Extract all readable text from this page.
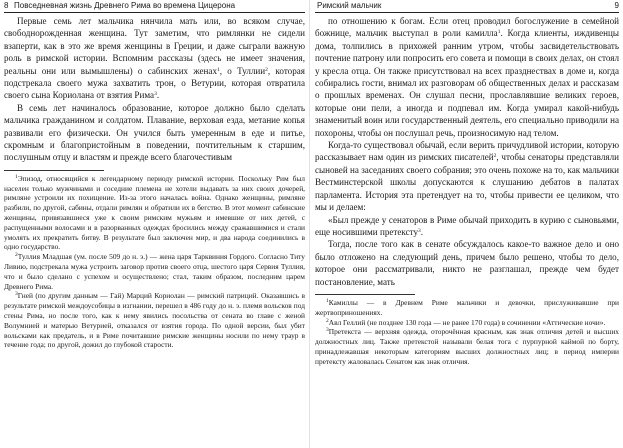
8 Повседневная жизнь Древнего Рима во времена Цицерона

Первые семь лет мальчика нянчила мать или, во всяком случае, свободнорожденная женщина. Тут заметим, что римлянки не сидели взаперти, как в это же время женщины в Греции, и даже сыграли важную роль в римской истории. Вспомним рассказы (здесь не имеет значения, реальны они или вымышлены) о сабинских женах$^1$, о Туллии$^2$, которая подстрекала своего мужа захватить трон, о Ветурии, которая отвратила своего сына Кориолана от взятия Рима$^3$.

В семь лет начиналось образование, которое должно было сделать мальчика гражданином и солдатом. Плавание, верховая езда, метание копья развивали его физически. Он учился быть умеренным в еде и питье, скромным и благопристойным в поведении, почтительным к старшим, послушным отцу и властям и прежде всего благочестивым

$^1$Эпизод, относящийся к легендарному периоду римской истории. Поскольку Рим был населен только мужчинами и соседние племена не хотели выдавать за них своих дочерей, римляне устроили их похищение. Из-за этого началась война. Однако женщины, римляне разбили, по другой, сабины, отдали римлян и обратили их в бегство. В этот момент сабинские женщины, привязавшиеся уже к своим римским мужьям и имевшие от них детей, с распущенными волосами и в разорванных одеждах бросились между сражавшимися и стали умолять их прекратить битву. В результате был заключен мир, и два народа соединились в одно государство.

$^2$Туллия Младшая (ум. после 509 до н. э.) — жена царя Тарквиния Гордого. Согласно Титу Ливию, подстрекала мужа устроить заговор против своего отца, шестого царя Сервия Туллия, что и было сделано с успехом и осуществлено; стал, таким образом, последним царем Древнего Рима.

$^3$Гней (по другим данным — Гай) Марций Кориолан — римский патриций. Оказавшись в результате римской междоусобицы в изгнании, перешел в 486 году до н. э. племя вольсков под стены Рима, но после того, как к нему явились посольства от сената во главе с женой Волумнией и матерью Ветурией, отказался от взятия города. По одной версии, был убит вольсками как предатель, и в Риме почитавшие римские женщины носили по нему траур в течение года; по другой, дожил до глубокой старости.

Римский мальчик	9

по отношению к богам. Если отец проводил богослужение в семейной божнице, мальчик выступал в роли камилла$^1$. Когда клиенты, иждивенцы дома, толпились в прихожей ранним утром, чтобы засвидетельствовать почтение патрону или попросить его совета и помощи в своих делах, он стоял у кресла отца. Он также присутствовал на всех празднествах в доме и, когда собирались гости, внимал их разговорам об общественных делах и рассказам о прошлых временах. Он слушал песни, прославлявшие великих героев, которые они пели, а иногда и подпевал им. Когда умирал какой-нибудь знаменитый воин или государственный деятель, его специально приводили на похороны, чтобы он послушал речь, произносимую над телом.

Когда-то существовал обычай, если верить причудливой истории, которую рассказывает нам один из римских писателей$^2$, чтобы сенаторы представляли сыновей на заседаниях своего собрания; это очень похоже на то, как мальчики Вестминстерской школы допускаются к слушанию дебатов в палатах парламента. История эта претендует на то, чтобы привести ее целиком, что мы и делаем:

«Был прежде у сенаторов в Риме обычай приходить в курию с сыновьями, еще носившими претексту$^3$.

Тогда, после того как в сенате обсуждалось какое-то важное дело и оно было отложено на следующий день, причем было решено, чтобы то дело, которое они рассматривали, никто не разглашал, прежде чем будет постановление, мать

$^1$Камиллы — в Древнем Риме мальчики и девочки, прислуживавшие при жертвоприношениях.

$^2$Авл Геллий (не позднее 130 года — не ранее 170 года) в сочинении «Аттические ночи».

$^3$Претекста — верхняя одежда, оторочённая красным, как знак отличия детей и высших должностных лиц. Также претекстой называли белая тога с пурпурной каймой по борту, принадлежавшая некоторым категориям высших должностных лиц; в период империи претексту жаловалась Сенатом как знак отличия.
